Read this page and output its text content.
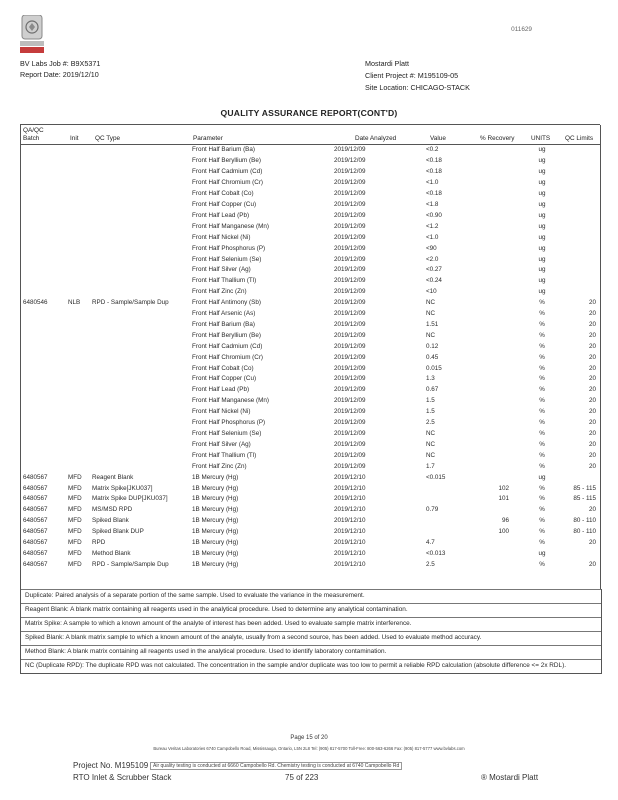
011629
BV Labs Job #: B9X5371
Report Date: 2019/12/10
Mostardi Platt
Client Project #: M195109-05
Site Location: CHICAGO-STACK
QUALITY ASSURANCE REPORT(CONT'D)
QA/QC
Batch	Init	QC Type	Parameter	Date Analyzed	Value	% Recovery	UNITS QC Limits
			Front Half Barium (Ba)	2019/12/09	<0.2		ug	
			Front Half Beryllium (Be)	2019/12/09	<0.18		ug	
			Front Half Cadmium (Cd)	2019/12/09	<0.18		ug	
			Front Half Chromium (Cr)	2019/12/09	<1.0		ug	
			Front Half Cobalt (Co)	2019/12/09	<0.18		ug	
			Front Half Copper (Cu)	2019/12/09	<1.8		ug	
			Front Half Lead (Pb)	2019/12/09	<0.90		ug	
			Front Half Manganese (Mn)	2019/12/09	<1.2		ug	
			Front Half Nickel (Ni)	2019/12/09	<1.0		ug	
			Front Half Phosphorus (P)	2019/12/09	<90		ug	
			Front Half Selenium (Se)	2019/12/09	<2.0		ug	
			Front Half Silver (Ag)	2019/12/09	<0.27		ug	
			Front Half Thallium (Tl)	2019/12/09	<0.24		ug	
			Front Half Zinc (Zn)	2019/12/09	<10		ug	
6480546	NLB	RPD - Sample/Sample Dup	Front Half Antimony (Sb)	2019/12/09	NC		%	20
			Front Half Arsenic (As)	2019/12/09	NC		%	20
			Front Half Barium (Ba)	2019/12/09	1.51		%	20
			Front Half Beryllium (Be)	2019/12/09	NC		%	20
			Front Half Cadmium (Cd)	2019/12/09	0.12		%	20
			Front Half Chromium (Cr)	2019/12/09	0.45		%	20
			Front Half Cobalt (Co)	2019/12/09	0.015		%	20
			Front Half Copper (Cu)	2019/12/09	1.3		%	20
			Front Half Lead (Pb)	2019/12/09	0.67		%	20
			Front Half Manganese (Mn)	2019/12/09	1.5		%	20
			Front Half Nickel (Ni)	2019/12/09	1.5		%	20
			Front Half Phosphorus (P)	2019/12/09	2.5		%	20
			Front Half Selenium (Se)	2019/12/09	NC		%	20
			Front Half Silver (Ag)	2019/12/09	NC		%	20
			Front Half Thallium (Tl)	2019/12/09	NC		%	20
			Front Half Zinc (Zn)	2019/12/09	1.7		%	20
6480567	MFD	Reagent Blank	1B Mercury (Hg)	2019/12/10	<0.015		ug	
6480567	MFD	Matrix Spike[JKU037]	1B Mercury (Hg)	2019/12/10		102	%	85 - 115
6480567	MFD	Matrix Spike DUP[JKU037]	1B Mercury (Hg)	2019/12/10		101	%	85 - 115
6480567	MFD	MS/MSD RPD	1B Mercury (Hg)	2019/12/10	0.79		%	20
6480567	MFD	Spiked Blank	1B Mercury (Hg)	2019/12/10		96	%	80 - 110
6480567	MFD	Spiked Blank DUP	1B Mercury (Hg)	2019/12/10		100	%	80 - 110
6480567	MFD	RPD	1B Mercury (Hg)	2019/12/10	4.7		%	20
6480567	MFD	Method Blank	1B Mercury (Hg)	2019/12/10	<0.013		ug	
6480567	MFD	RPD - Sample/Sample Dup	1B Mercury (Hg)	2019/12/10	2.5		%	20
Duplicate: Paired analysis of a separate portion of the same sample. Used to evaluate the variance in the measurement.
Reagent Blank: A blank matrix containing all reagents used in the analytical procedure. Used to determine any analytical contamination.
Matrix Spike: A sample to which a known amount of the analyte of interest has been added. Used to evaluate sample matrix interference.
Spiked Blank: A blank matrix sample to which a known amount of the analyte, usually from a second source, has been added. Used to evaluate method accuracy.
Method Blank: A blank matrix containing all reagents used in the analytical procedure. Used to identify laboratory contamination.
NC (Duplicate RPD): The duplicate RPD was not calculated. The concentration in the sample and/or duplicate was too low to permit a reliable RPD calculation (absolute difference <= 2x RDL).
Page 15 of 20
Bureau Veritas Laboratories 6740 Campobello Road, Mississauga, Ontario, L5N 2L8 Tel: (905) 817-5700 Toll-Free: 800-563-6266 Fax: (905) 817-5777 www.bvlabs.com
Project No. M195109 Air quality testing is conducted at 6660 Campobello Rd. Chemistry testing is conducted at 6740 Campobello Rd
RTO Inlet & Scrubber Stack	75 of 223	® Mostardi Platt
